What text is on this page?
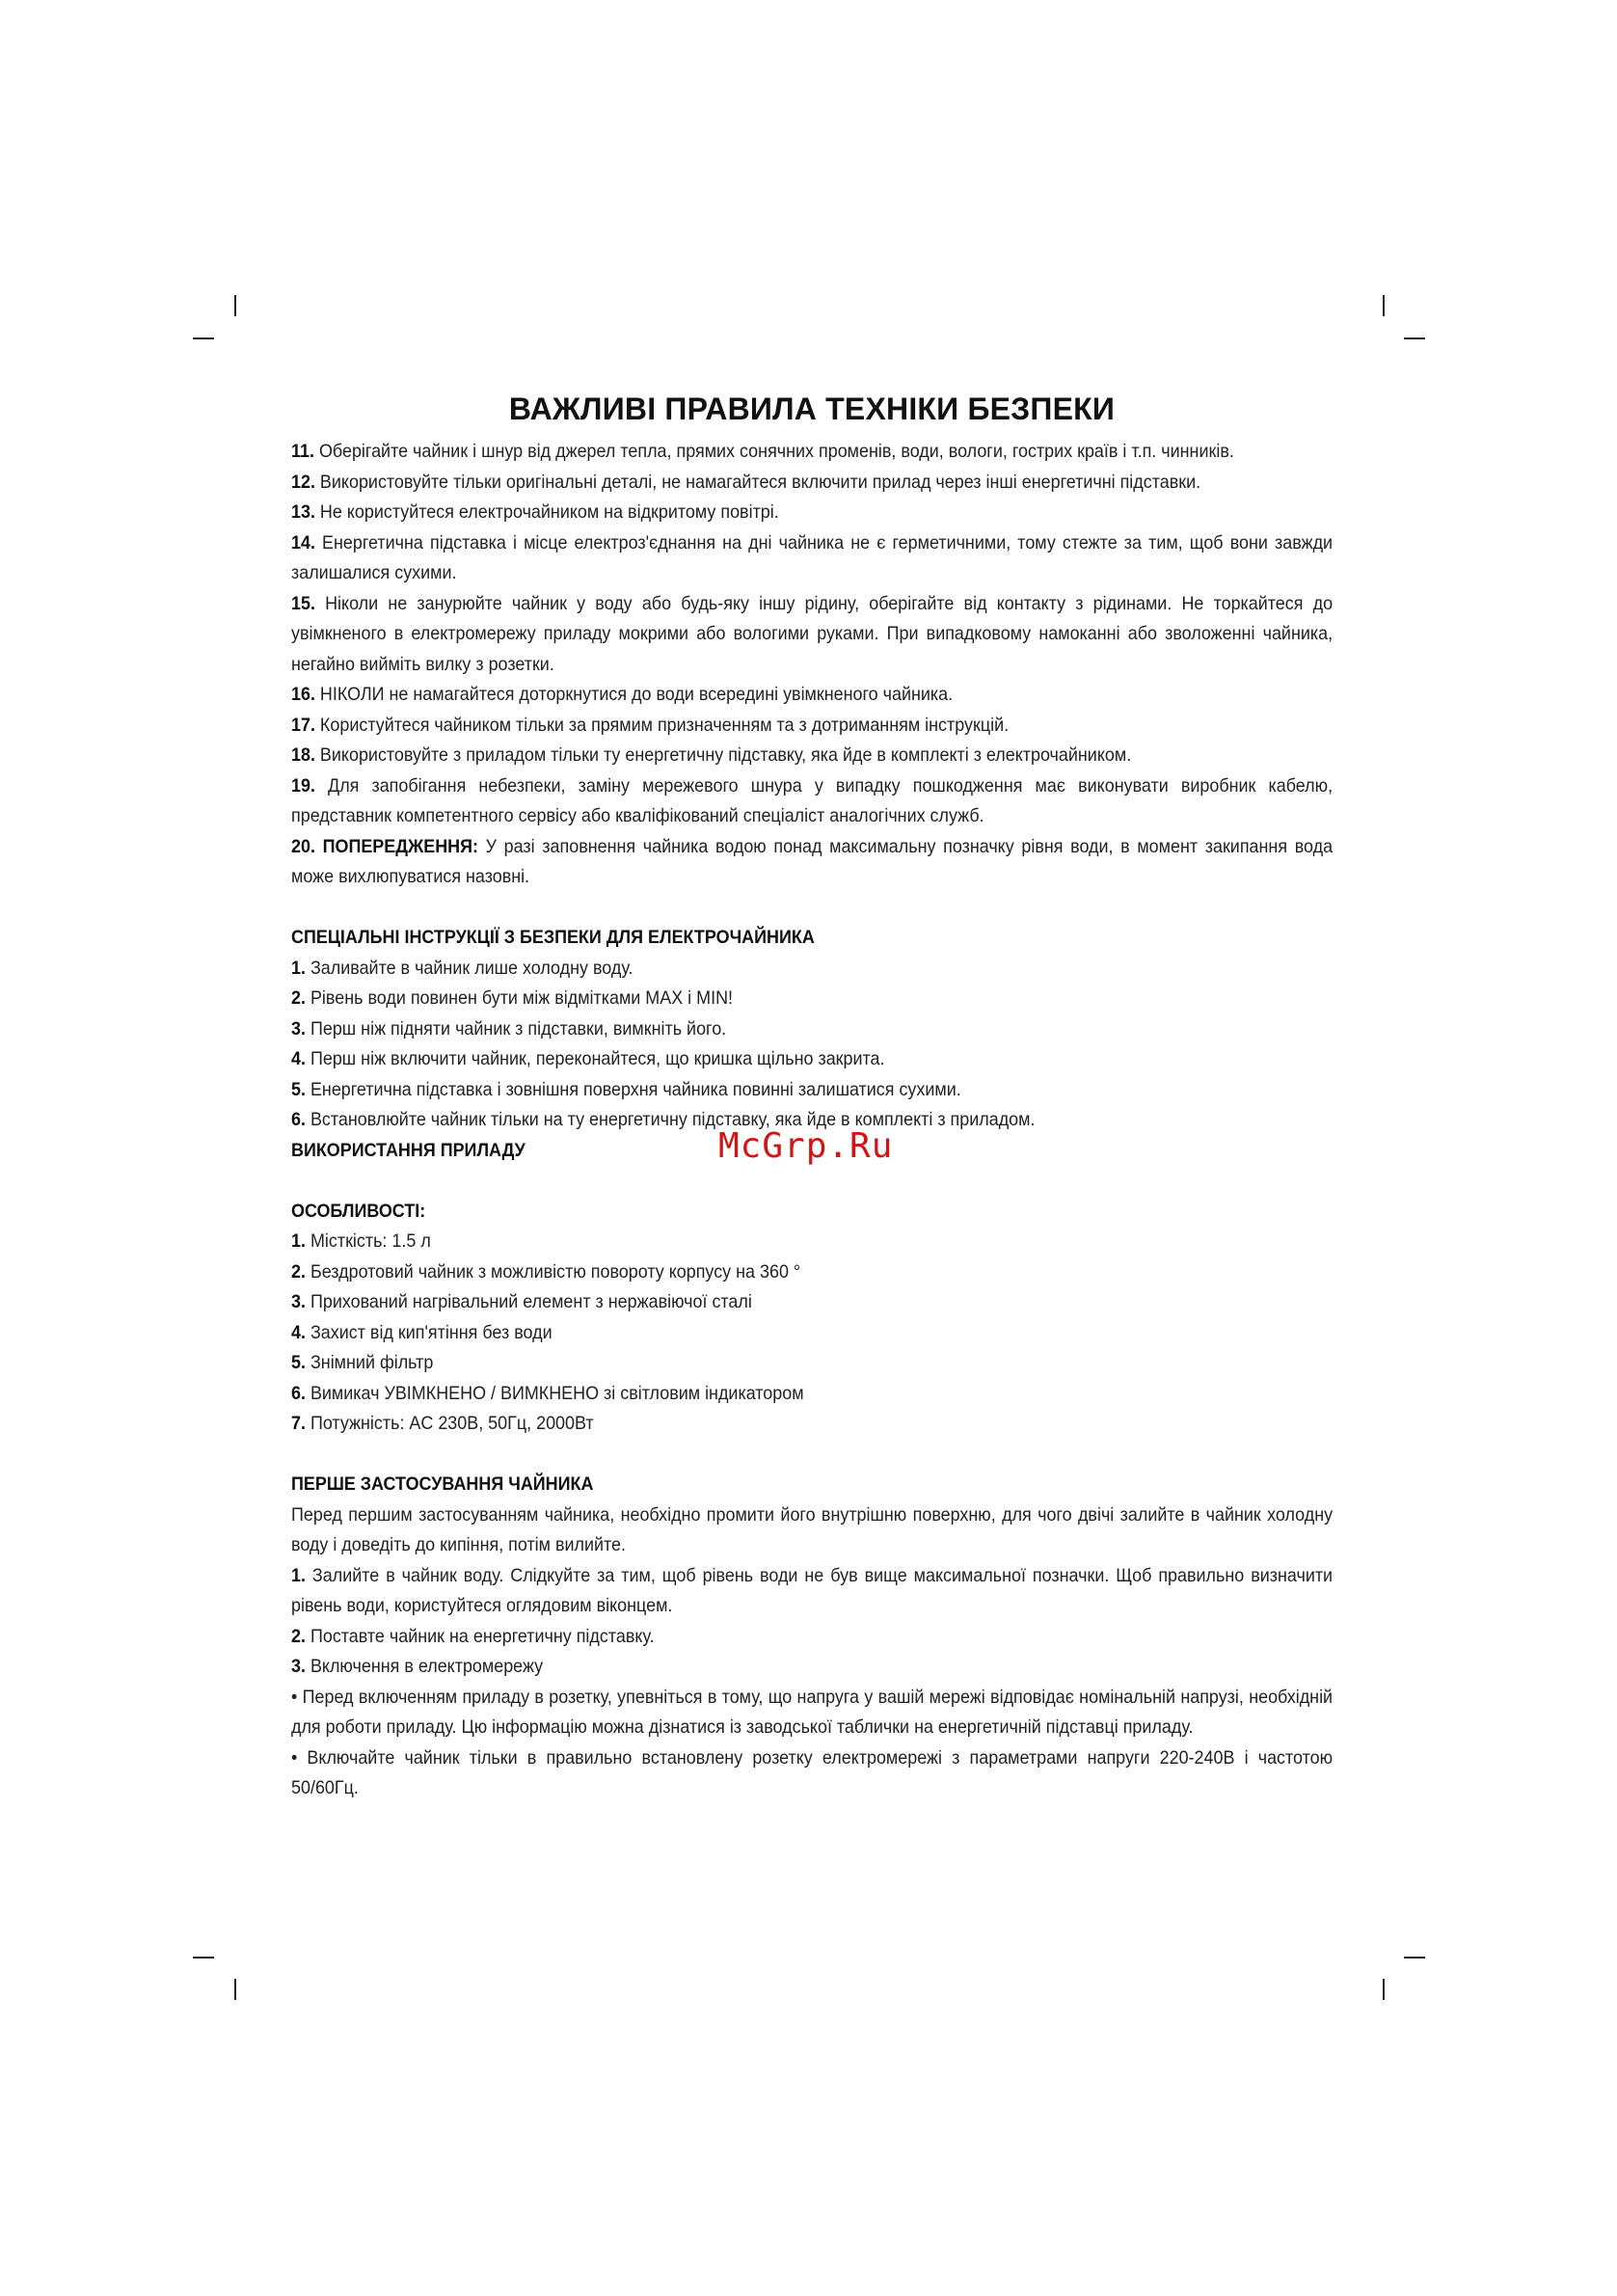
ВАЖЛИВІ ПРАВИЛА ТЕХНІКИ БЕЗПЕКИ

11. Оберігайте чайник і шнур від джерел тепла, прямих сонячних променів, води, вологи, гострих країв і т.п. чинників.

12. Використовуйте тільки оригінальні деталі, не намагайтеся включити прилад через інші енергетичні підставки.

13. Не користуйтеся електрочайником на відкритому повітрі.

14. Енергетична підставка і місце електроз'єднання на дні чайника не є герметичними, тому стежте за тим, щоб вони завжди залишалися сухими.

15. Ніколи не занурюйте чайник у воду або будь-яку іншу рідину, оберігайте від контакту з рідинами. Не торкайтеся до увімкненого в електромережу приладу мокрими або вологими руками. При випадковому намоканні або зволоженні чайника, негайно вийміть вилку з розетки.

16. НІКОЛИ не намагайтеся доторкнутися до води всередині увімкненого чайника.

17. Користуйтеся чайником тільки за прямим призначенням та з дотриманням інструкцій.

18. Використовуйте з приладом тільки ту енергетичну підставку, яка йде в комплекті з електрочайником.

19. Для запобігання небезпеки, заміну мережевого шнура у випадку пошкодження має виконувати виробник кабелю, представник компетентного сервісу або кваліфікований спеціаліст аналогічних служб.

20. ПОПЕРЕДЖЕННЯ: У разі заповнення чайника водою понад максимальну позначку рівня води, в момент закипання вода може вихлюпуватися назовні.

СПЕЦІАЛЬНІ ІНСТРУКЦІЇ З БЕЗПЕКИ ДЛЯ ЕЛЕКТРОЧАЙНИКА

1. Заливайте в чайник лише холодну воду.

2. Рівень води повинен бути між відмітками MAX і MIN!

3. Перш ніж підняти чайник з підставки, вимкніть його.

4. Перш ніж включити чайник, переконайтеся, що кришка щільно закрита.

5. Енергетична підставка і зовнішня поверхня чайника повинні залишатися сухими.

6. Встановлюйте чайник тільки на ту енергетичну підставку, яка йде в комплекті з приладом.

ВИКОРИСТАННЯ ПРИЛАДУ

ОСОБЛИВОСТІ:

1. Місткість: 1.5 л

2. Бездротовий чайник з можливістю повороту корпусу на 360 °

3. Прихований нагрівальний елемент з нержавіючої сталі

4. Захист від кип'ятіння без води

5. Знімний фільтр

6. Вимикач УВІМКНЕНО / ВИМКНЕНО зі світловим індикатором

7. Потужність: AC 230В, 50Гц, 2000Вт

ПЕРШЕ ЗАСТОСУВАННЯ ЧАЙНИКА

Перед першим застосуванням чайника, необхідно промити його внутрішню поверхню, для чого двічі залийте в чайник холодну воду і доведіть до кипіння, потім вилийте.

1. Залийте в чайник воду. Слідкуйте за тим, щоб рівень води не був вище максимальної позначки. Щоб правильно визначити рівень води, користуйтеся оглядовим віконцем.

2. Поставте чайник на енергетичну підставку.

3. Включення в електромережу

• Перед включенням приладу в розетку, упевніться в тому, що напруга у вашій мережі відповідає номінальній напрузі, необхідній для роботи приладу. Цю інформацію можна дізнатися із заводської таблички на енергетичній підставці приладу.

• Включайте чайник тільки в правильно встановлену розетку електромережі з параметрами напруги 220-240В і частотою 50/60Гц.

McGrp.Ru
